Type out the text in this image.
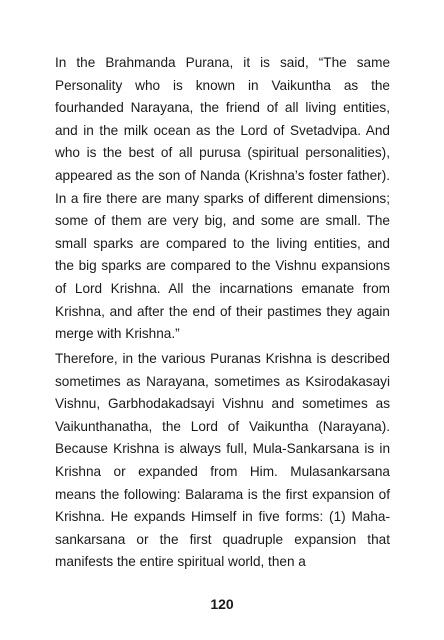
In the Brahmanda Purana, it is said, “The same Personality who is known in Vaikuntha as the fourhanded Narayana, the friend of all living entities, and in the milk ocean as the Lord of Svetadvipa. And who is the best of all purusa (spiritual personalities), appeared as the son of Nanda (Krishna’s foster father). In a fire there are many sparks of different dimensions; some of them are very big, and some are small. The small sparks are compared to the living entities, and the big sparks are compared to the Vishnu expansions of Lord Krishna. All the incarnations emanate from Krishna, and after the end of their pastimes they again merge with Krishna.”

Therefore, in the various Puranas Krishna is described sometimes as Narayana, sometimes as Ksirodakasayi Vishnu, Garbhodakadsayi Vishnu and sometimes as Vaikunthanatha, the Lord of Vaikuntha (Narayana). Because Krishna is always full, Mula-Sankarsana is in Krishna or expanded from Him. Mulasankarsana means the following: Balarama is the first expansion of Krishna. He expands Himself in five forms: (1) Maha-sankarsana or the first quadruple expansion that manifests the entire spiritual world, then a

120
